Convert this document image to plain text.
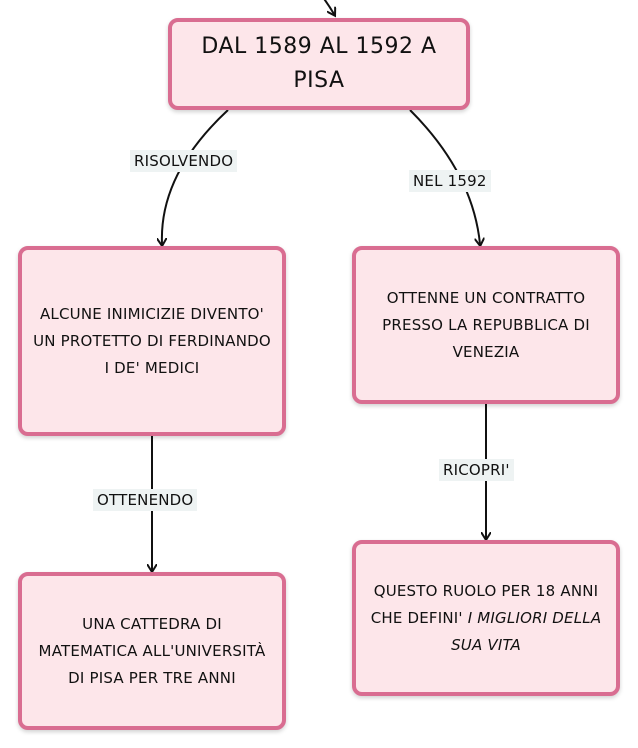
RISOLVENDO
NEL 1592
OTTENENDO
RICOPRI'

DAL 1589 AL 1592 A PISA

ALCUNE INIMICIZIE DIVENTO' UN PROTETTO DI FERDINANDO I DE' MEDICI

OTTENNE UN CONTRATTO PRESSO LA REPUBBLICA DI VENEZIA

UNA CATTEDRA DI MATEMATICA ALL'UNIVERSITÀ DI PISA PER TRE ANNI

QUESTO RUOLO PER 18 ANNI CHE DEFINI' I MIGLIORI DELLA SUA VITA
